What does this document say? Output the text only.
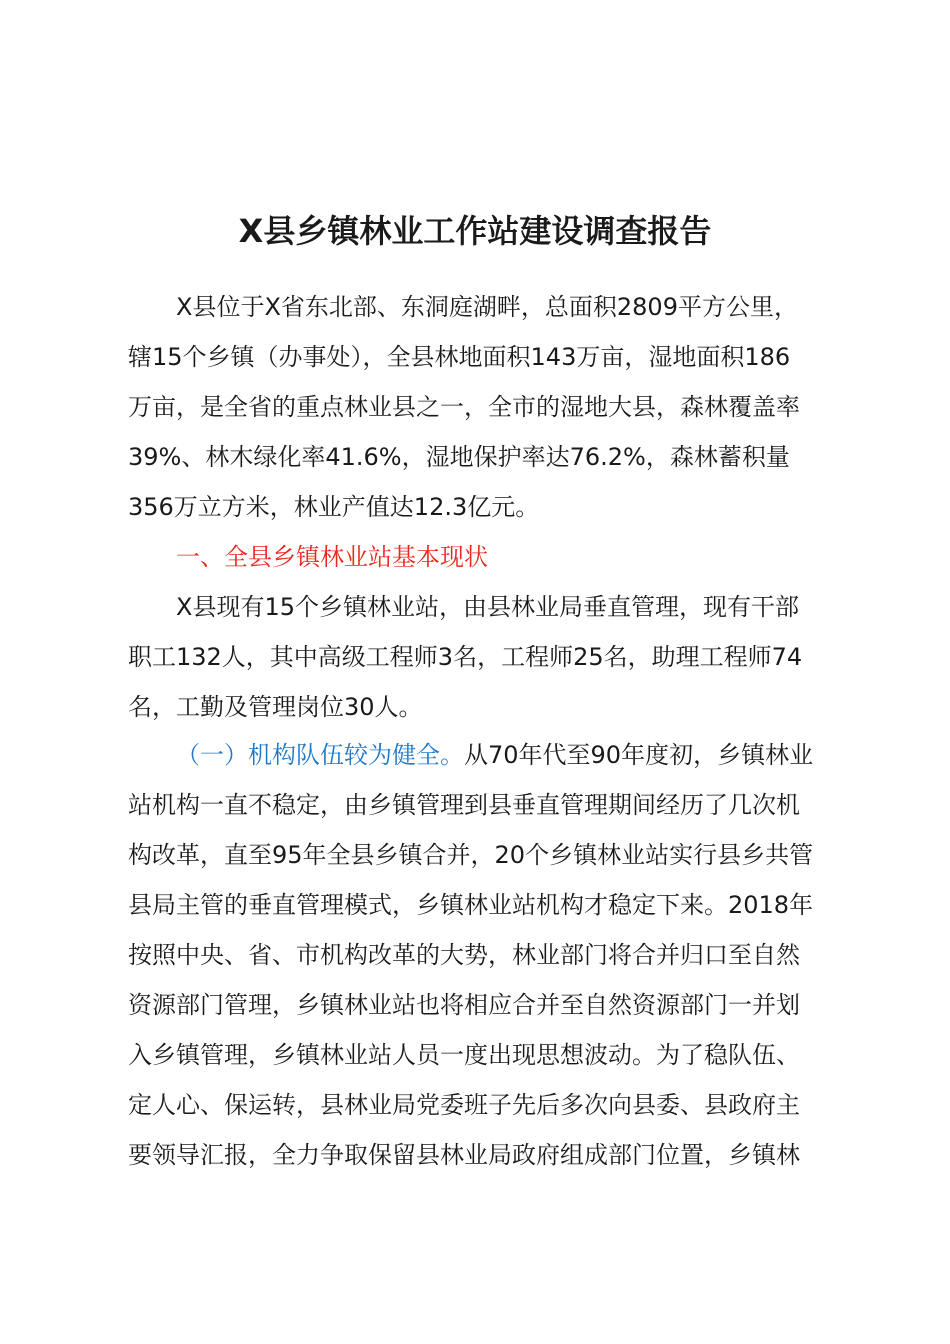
X县乡镇林业工作站建设调查报告

X县位于X省东北部、东洞庭湖畔，总面积2809平方公里，

辖15个乡镇（办事处），全县林地面积143万亩，湿地面积186

万亩，是全省的重点林业县之一，全市的湿地大县，森林覆盖率

39%、林木绿化率41.6%，湿地保护率达76.2%，森林蓄积量

356万立方米，林业产值达12.3亿元。

一、全县乡镇林业站基本现状

X县现有15个乡镇林业站，由县林业局垂直管理，现有干部

职工132人，其中高级工程师3名，工程师25名，助理工程师74

名，工勤及管理岗位30人。

（一）机构队伍较为健全。从70年代至90年度初，乡镇林业

站机构一直不稳定，由乡镇管理到县垂直管理期间经历了几次机

构改革，直至95年全县乡镇合并，20个乡镇林业站实行县乡共管

县局主管的垂直管理模式，乡镇林业站机构才稳定下来。2018年

按照中央、省、市机构改革的大势，林业部门将合并归口至自然

资源部门管理，乡镇林业站也将相应合并至自然资源部门一并划

入乡镇管理，乡镇林业站人员一度出现思想波动。为了稳队伍、

定人心、保运转，县林业局党委班子先后多次向县委、县政府主

要领导汇报，全力争取保留县林业局政府组成部门位置，乡镇林
